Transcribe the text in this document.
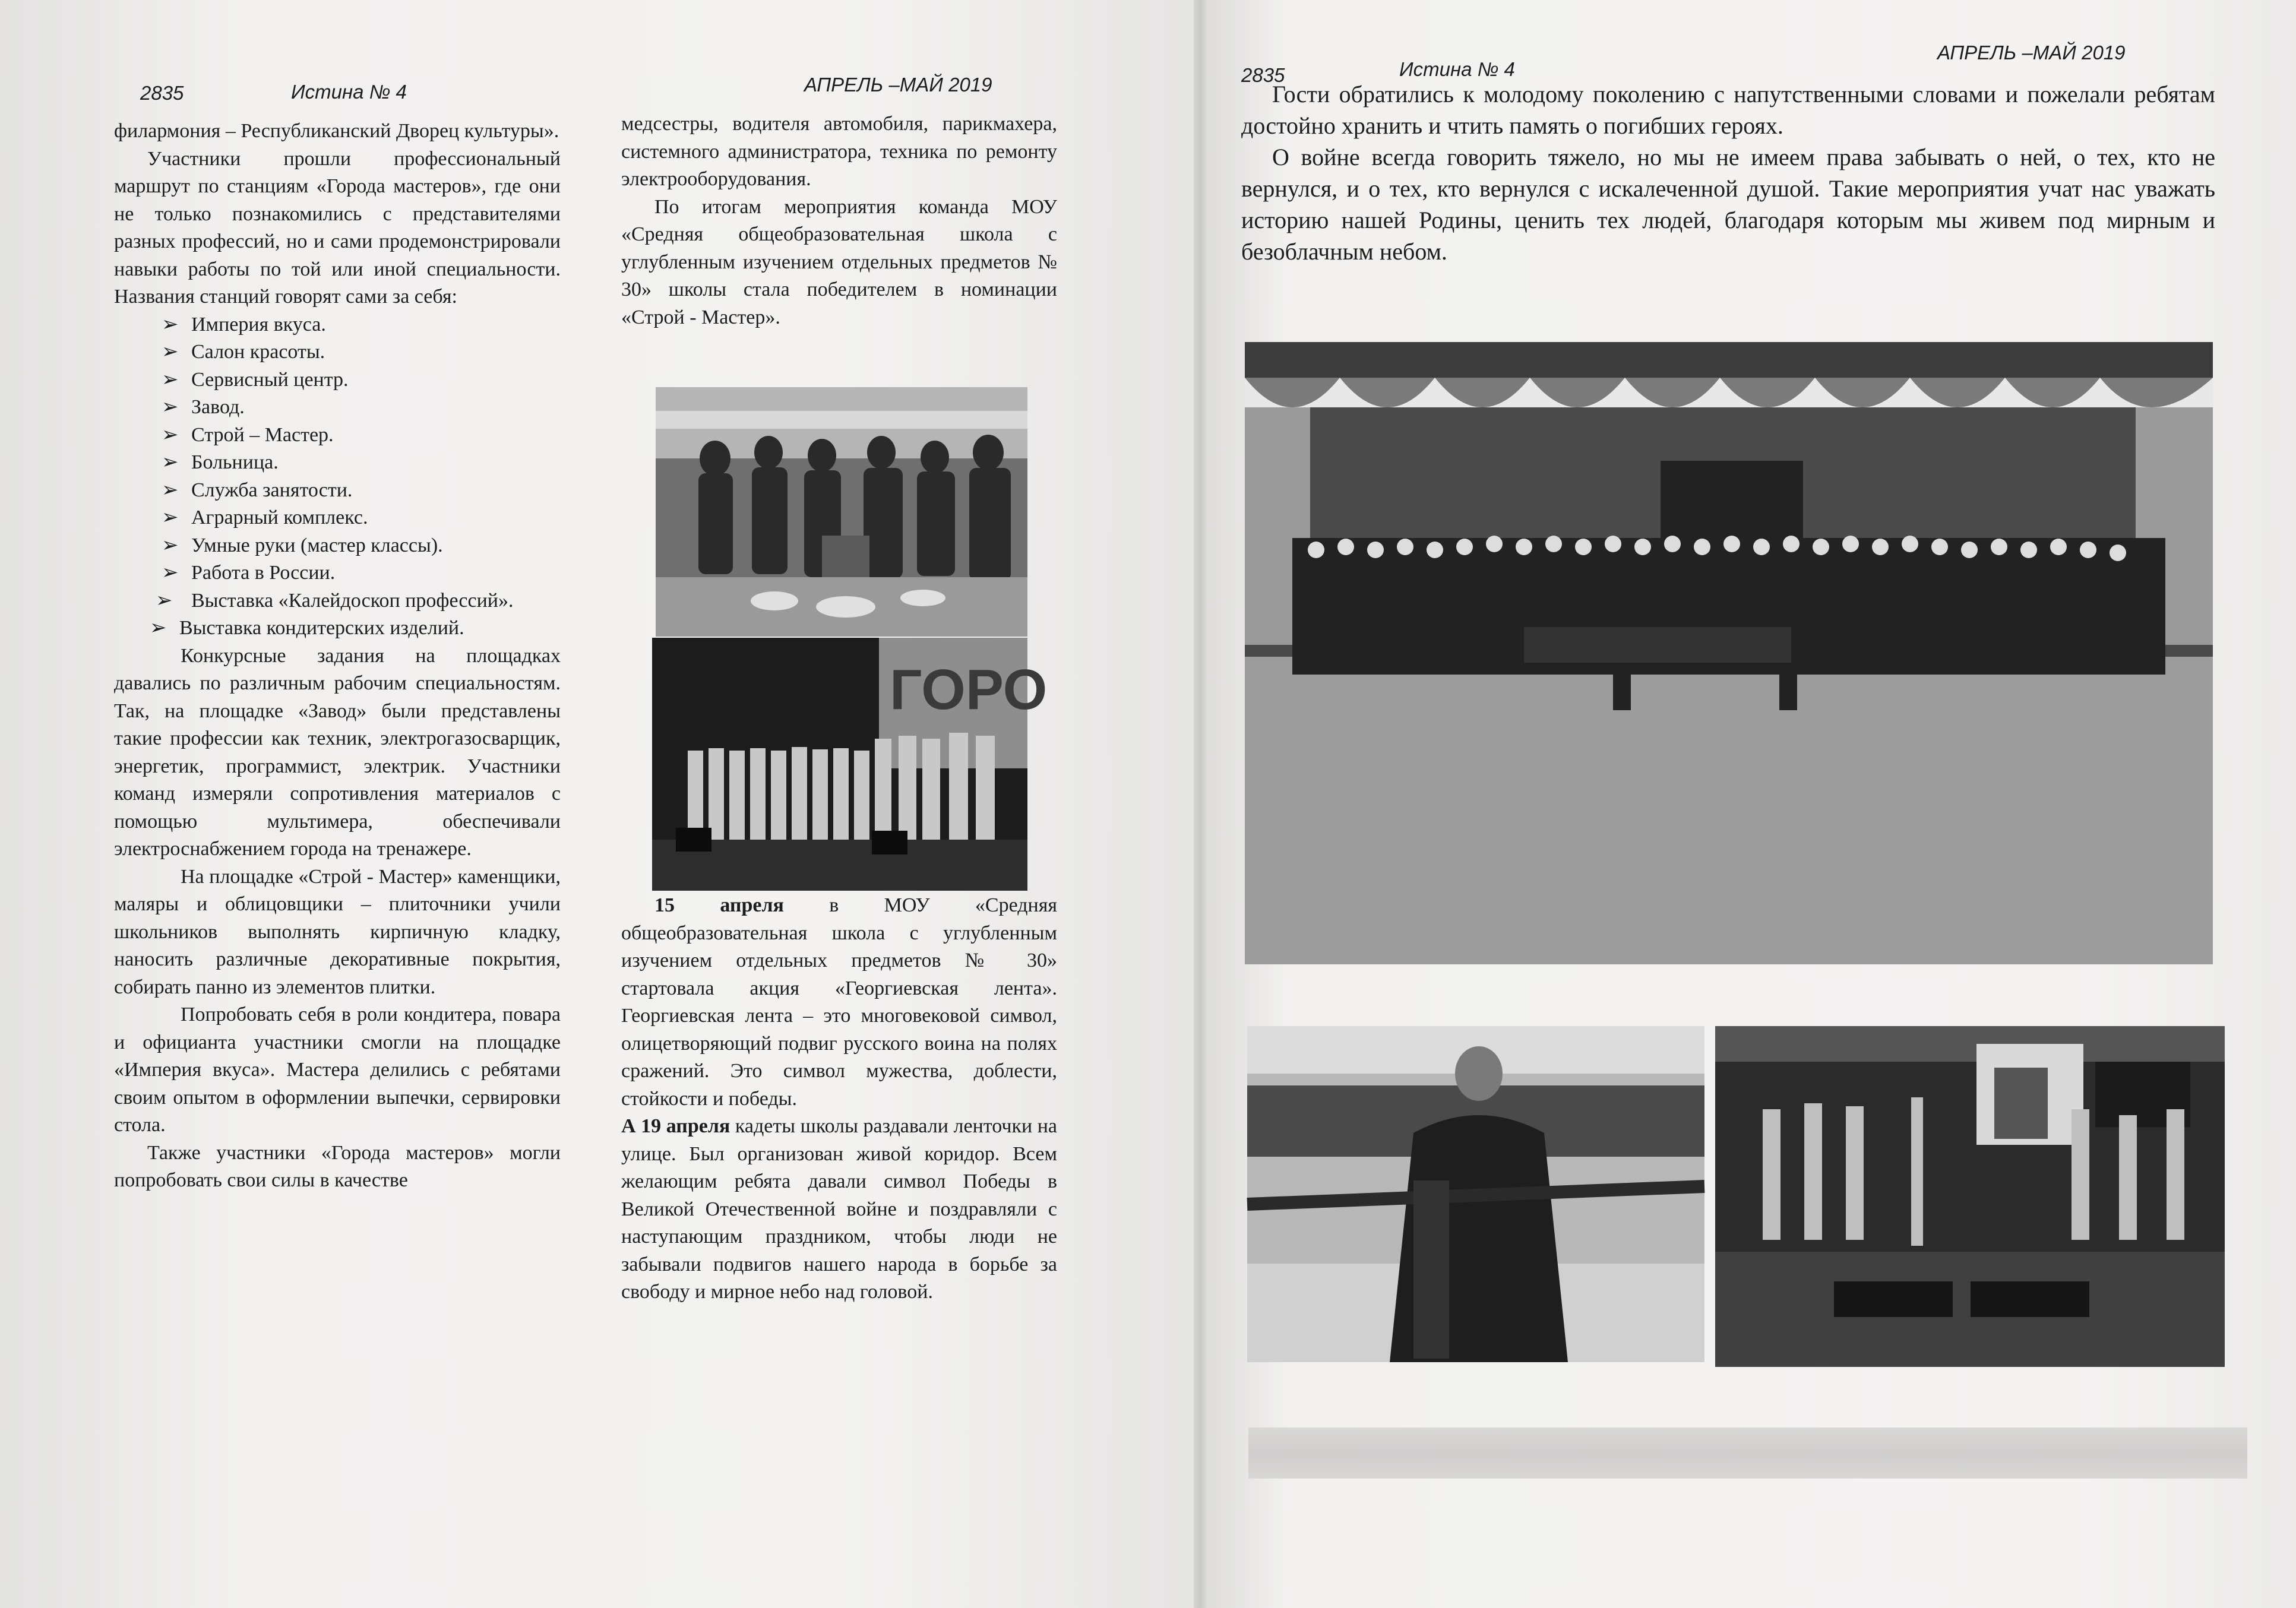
2835	Истина № 4	АПРЕЛЬ –МАЙ 2019

филармония – Республиканский Дворец культуры».

Участники прошли профессиональный маршрут по станциям «Города мастеров», где они не только познакомились с представителями разных профессий, но и сами продемонстрировали навыки работы по той или иной специальности. Названия станций говорят сами за себя:

➢ Империя вкуса.
➢ Салон красоты.
➢ Сервисный центр.
➢ Завод.
➢ Строй – Мастер.
➢ Больница.
➢ Служба занятости.
➢ Аграрный комплекс.
➢ Умные руки (мастер классы).
➢ Работа в России.
➢ Выставка «Калейдоскоп профессий».
➢ Выставка кондитерских изделий.

Конкурсные задания на площадках давались по различным рабочим специальностям. Так, на площадке «Завод» были представлены такие профессии как техник, электрогазосварщик, энергетик, программист, электрик. Участники команд измеряли сопротивления материалов с помощью мультимера, обеспечивали электроснабжением города на тренажере.

На площадке «Строй - Мастер» каменщики, маляры и облицовщики – плиточники учили школьников выполнять кирпичную кладку, наносить различные декоративные покрытия, собирать панно из элементов плитки.

Попробовать себя в роли кондитера, повара и официанта участники смогли на площадке «Империя вкуса». Мастера делились с ребятами своим опытом в оформлении выпечки, сервировки стола.

Также участники «Города мастеров» могли попробовать свои силы в качестве

медсестры, водителя автомобиля, парикмахера, системного администратора, техника по ремонту электрооборудования.

По итогам мероприятия команда МОУ «Средняя общеобразовательная школа с углубленным изучением отдельных предметов № 30» школы стала победителем в номинации «Строй - Мастер».

ГОРО

15 апреля в МОУ «Средняя общеобразовательная школа с углубленным изучением отдельных предметов № 30» стартовала акция «Георгиевская лента». Георгиевская лента – это многовековой символ, олицетворяющий подвиг русского воина на полях сражений. Это символ мужества, доблести, стойкости и победы.

А 19 апреля кадеты школы раздавали ленточки на улице. Был организован живой коридор. Всем желающим ребята давали символ Победы в Великой Отечественной войне и поздравляли с наступающим праздником, чтобы люди не забывали подвигов нашего народа в борьбе за свободу и мирное небо над головой.

2835	Истина № 4
АПРЕЛЬ –МАЙ 2019

Гости обратились к молодому поколению с напутственными словами и пожелали ребятам достойно хранить и чтить память о погибших героях.

О войне всегда говорить тяжело, но мы не имеем права забывать о ней, о тех, кто не вернулся, и о тех, кто вернулся с искалеченной душой. Такие мероприятия учат нас уважать историю нашей Родины, ценить тех людей, благодаря которым мы живем под мирным и безоблачным небом.
